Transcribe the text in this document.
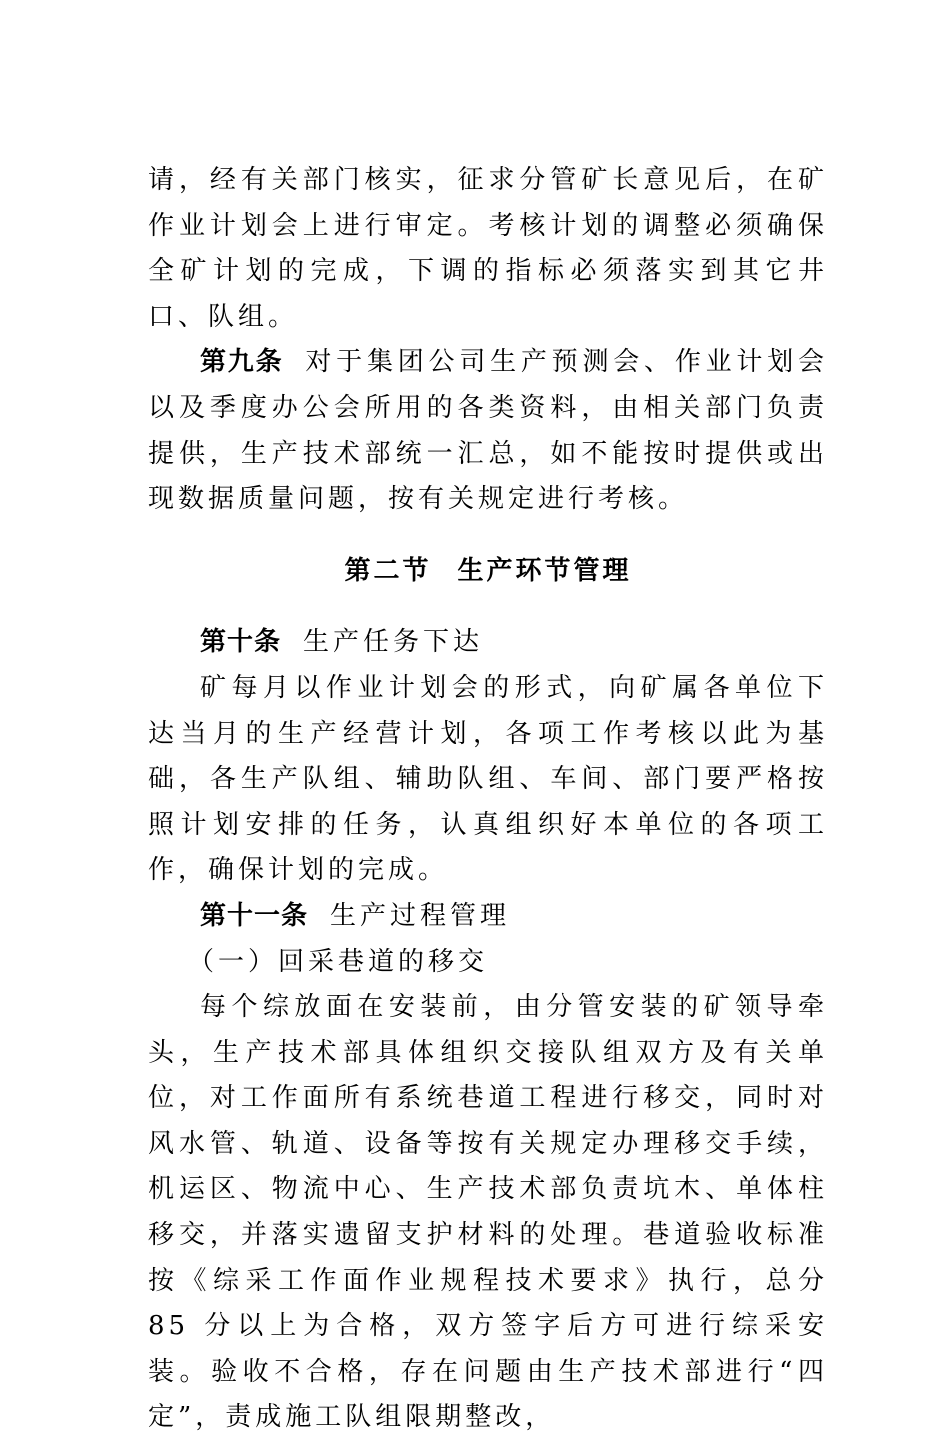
请，经有关部门核实，征求分管矿长意见后，在矿作业计划会上进行审定。考核计划的调整必须确保全矿计划的完成，下调的指标必须落实到其它井口、队组。

第九条 对于集团公司生产预测会、作业计划会以及季度办公会所用的各类资料，由相关部门负责提供，生产技术部统一汇总，如不能按时提供或出现数据质量问题，按有关规定进行考核。

第二节 生产环节管理

第十条 生产任务下达

矿每月以作业计划会的形式，向矿属各单位下达当月的生产经营计划，各项工作考核以此为基础，各生产队组、辅助队组、车间、部门要严格按照计划安排的任务，认真组织好本单位的各项工作，确保计划的完成。

第十一条 生产过程管理

（一）回采巷道的移交

每个综放面在安装前，由分管安装的矿领导牵头，生产技术部具体组织交接队组双方及有关单位，对工作面所有系统巷道工程进行移交，同时对风水管、轨道、设备等按有关规定办理移交手续，机运区、物流中心、生产技术部负责坑木、单体柱移交，并落实遗留支护材料的处理。巷道验收标准按《综采工作面作业规程技术要求》执行，总分 85 分以上为合格，双方签字后方可进行综采安装。验收不合格，存在问题由生产技术部进行“四定”，责成施工队组限期整改，
